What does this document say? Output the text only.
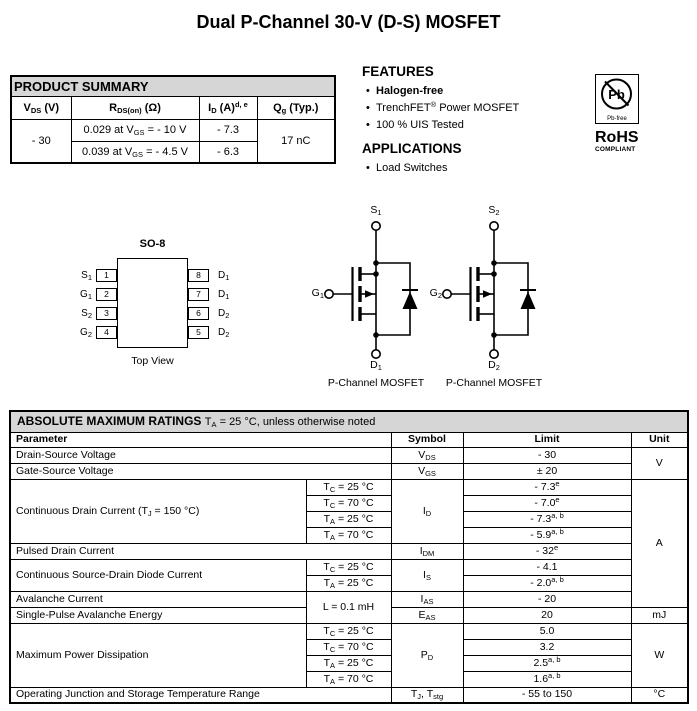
Dual P-Channel 30-V (D-S) MOSFET
PRODUCT SUMMARY			
$V_{DS}$ (V)	$R_{DS(on)}$ (Ω)	$I_D$ $(A)^{d, e}$	$Q_g$ (Typ.)
- 30	0.029 at $V_{GS}$ = - 10 V	- 7.3	17 nC
	0.039 at $V_{GS}$ = - 4.5 V	- 6.3	
FEATURES
• Halogen-free
• TrenchFET® Power MOSFET
• 100 % UIS Tested
APPLICATIONS
• Load Switches
Pb
Pb-free
RoHS
COMPLIANT
SO-8
$S_1$
$G_1$
$S_2$
$G_2$
1
2
3
4
8
7
6
5
$D_1$
$D_1$
$D_2$
$D_2$
Top View
$S_1$
$G_1$
$D_1$
P-Channel MOSFET
$S_2$
$G_2$
$D_2$
P-Channel MOSFET
ABSOLUTE MAXIMUM RATINGS $T_A = 25$ °C, unless otherwise noted				
Parameter		Symbol	Limit	Unit
Drain-Source Voltage		$V_{DS}$	- 30	V
Gate-Source Voltage		$V_{GS}$	± 20	
Continuous Drain Current ($T_J = 150$ °C)	$T_C = 25$ °C	$I_D$	- 7.3e	A
	$T_C = 70$ °C		- 7.0e
	$T_A = 25$ °C		- 7.3$^{a, b}$
	$T_A = 70$ °C		- 5.9$^{a, b}$
Pulsed Drain Current		$I_{DM}$	- 32e
Continuous Source-Drain Diode Current	$T_C = 25$ °C	$I_S$	- 4.1	
	$T_A = 25$ °C		- 2.0$^{a, b}$
Avalanche Current	L = 0.1 mH	$I_{AS}$	- 20	
Single-Pulse Avalanche Energy		$E_{AS}$	20	mJ
Maximum Power Dissipation	$T_C = 25$ °C	$P_D$	5.0	W
	$T_C = 70$ °C		3.2	
	$T_A = 25$ °C		2.5$^{a, b}$
	$T_A = 70$ °C		1.6$^{a, b}$
Operating Junction and Storage Temperature Range		$T_J$, $T_{stg}$	- 55 to 150	°C
